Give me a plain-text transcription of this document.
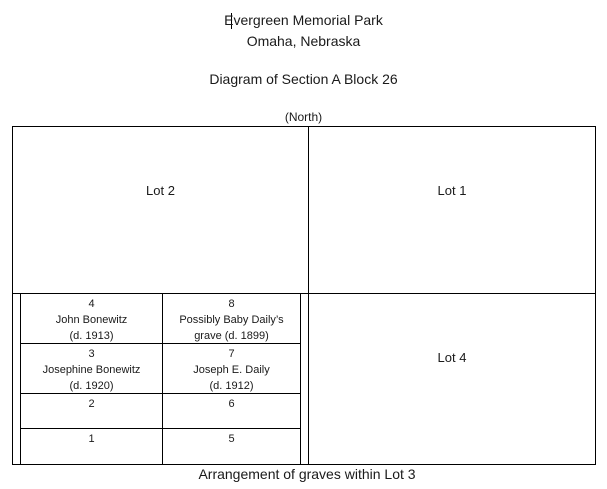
Evergreen Memorial Park
Omaha, Nebraska
Diagram of Section A Block 26
(North)
Lot 2	Lot 1
Lot 4
4
John Bonewitz
(d. 1913)
8
Possibly Baby Daily’s
grave (d. 1899)
3
Josephine Bonewitz
(d. 1920)
7
Joseph E. Daily
(d. 1912)
2	6
1	5
Arrangement of graves within Lot 3
